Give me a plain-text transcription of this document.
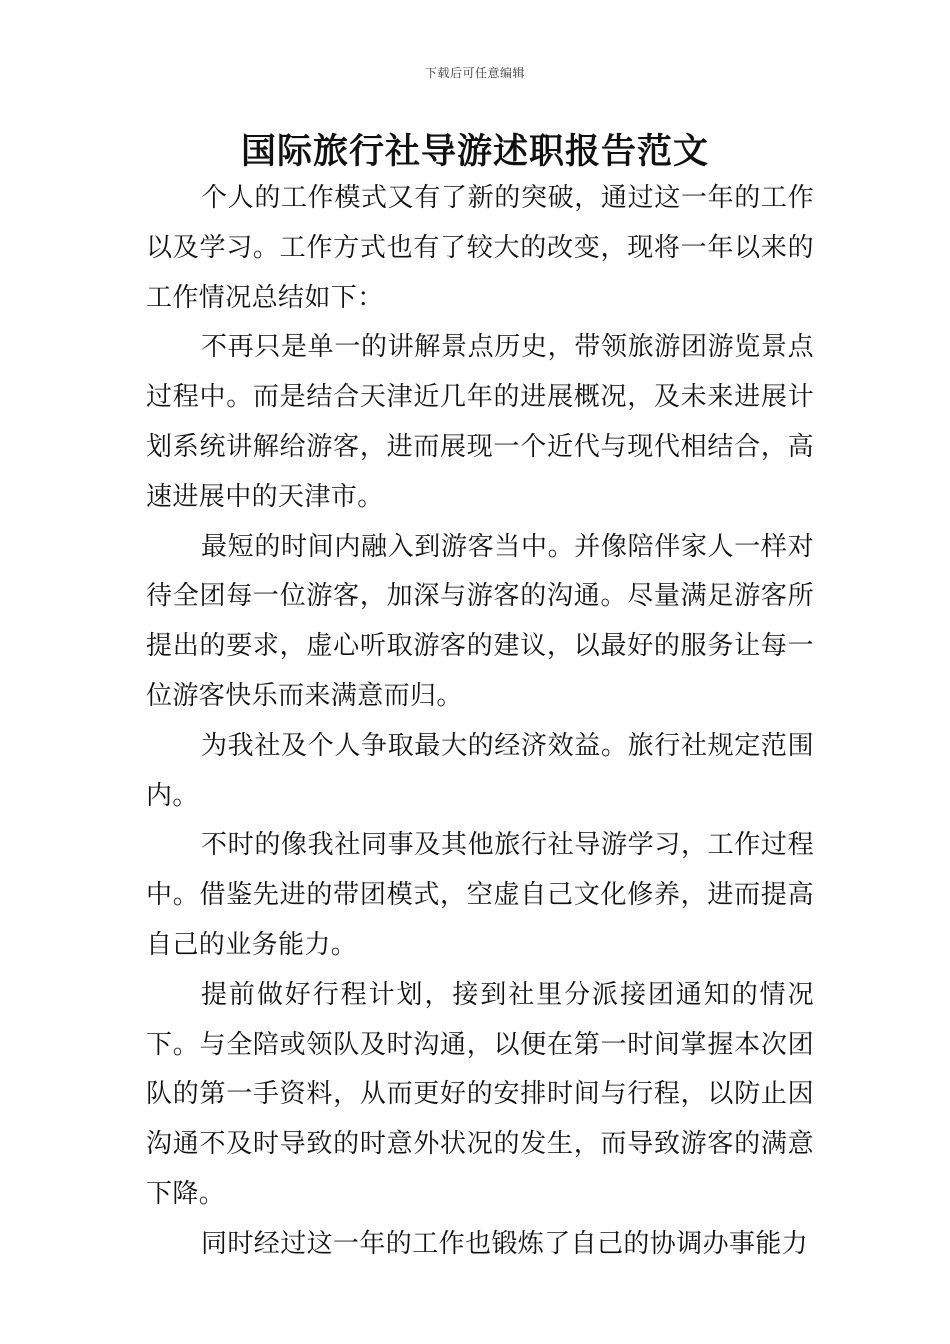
下载后可任意编辑
国际旅行社导游述职报告范文

个人的工作模式又有了新的突破，通过这一年的工作以及学习。工作方式也有了较大的改变，现将一年以来的工作情况总结如下：

不再只是单一的讲解景点历史，带领旅游团游览景点过程中。而是结合天津近几年的进展概况，及未来进展计划系统讲解给游客，进而展现一个近代与现代相结合，高速进展中的天津市。

最短的时间内融入到游客当中。并像陪伴家人一样对待全团每一位游客，加深与游客的沟通。尽量满足游客所提出的要求，虚心听取游客的建议，以最好的服务让每一位游客快乐而来满意而归。

为我社及个人争取最大的经济效益。旅行社规定范围内。

不时的像我社同事及其他旅行社导游学习，工作过程中。借鉴先进的带团模式，空虚自己文化修养，进而提高自己的业务能力。

提前做好行程计划，接到社里分派接团通知的情况下。与全陪或领队及时沟通，以便在第一时间掌握本次团队的第一手资料，从而更好的安排时间与行程，以防止因沟通不及时导致的时意外状况的发生，而导致游客的满意下降。

同时经过这一年的工作也锻炼了自己的协调办事能力
